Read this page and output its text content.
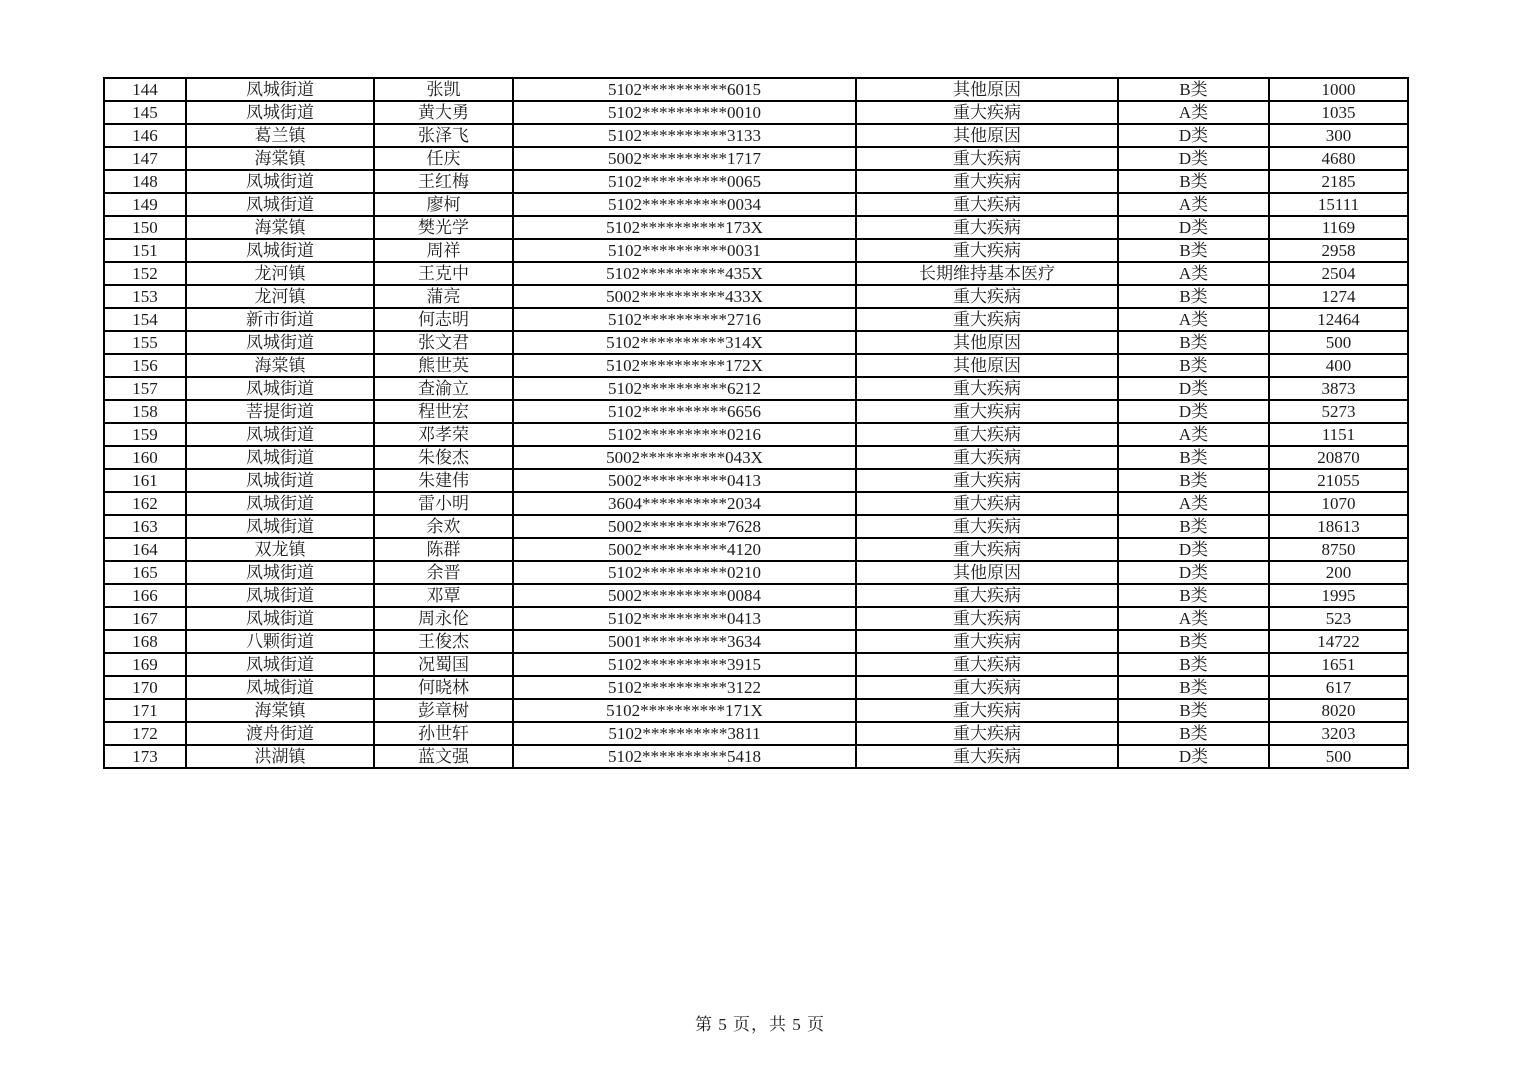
144	凤城街道	张凯	5102**********6015	其他原因	B类	1000
145	凤城街道	黄大勇	5102**********0010	重大疾病	A类	1035
146	葛兰镇	张泽飞	5102**********3133	其他原因	D类	300
147	海棠镇	任庆	5002**********1717	重大疾病	D类	4680
148	凤城街道	王红梅	5102**********0065	重大疾病	B类	2185
149	凤城街道	廖柯	5102**********0034	重大疾病	A类	15111
150	海棠镇	樊光学	5102**********173X	重大疾病	D类	1169
151	凤城街道	周祥	5102**********0031	重大疾病	B类	2958
152	龙河镇	王克中	5102**********435X	长期维持基本医疗	A类	2504
153	龙河镇	蒲亮	5002**********433X	重大疾病	B类	1274
154	新市街道	何志明	5102**********2716	重大疾病	A类	12464
155	凤城街道	张文君	5102**********314X	其他原因	B类	500
156	海棠镇	熊世英	5102**********172X	其他原因	B类	400
157	凤城街道	查渝立	5102**********6212	重大疾病	D类	3873
158	菩提街道	程世宏	5102**********6656	重大疾病	D类	5273
159	凤城街道	邓孝荣	5102**********0216	重大疾病	A类	1151
160	凤城街道	朱俊杰	5002**********043X	重大疾病	B类	20870
161	凤城街道	朱建伟	5002**********0413	重大疾病	B类	21055
162	凤城街道	雷小明	3604**********2034	重大疾病	A类	1070
163	凤城街道	余欢	5002**********7628	重大疾病	B类	18613
164	双龙镇	陈群	5002**********4120	重大疾病	D类	8750
165	凤城街道	余晋	5102**********0210	其他原因	D类	200
166	凤城街道	邓覃	5002**********0084	重大疾病	B类	1995
167	凤城街道	周永伦	5102**********0413	重大疾病	A类	523
168	八颗街道	王俊杰	5001**********3634	重大疾病	B类	14722
169	凤城街道	况蜀国	5102**********3915	重大疾病	B类	1651
170	凤城街道	何晓林	5102**********3122	重大疾病	B类	617
171	海棠镇	彭章树	5102**********171X	重大疾病	B类	8020
172	渡舟街道	孙世轩	5102**********3811	重大疾病	B类	3203
173	洪湖镇	蓝文强	5102**********5418	重大疾病	D类	500
第 5 页，共 5 页
